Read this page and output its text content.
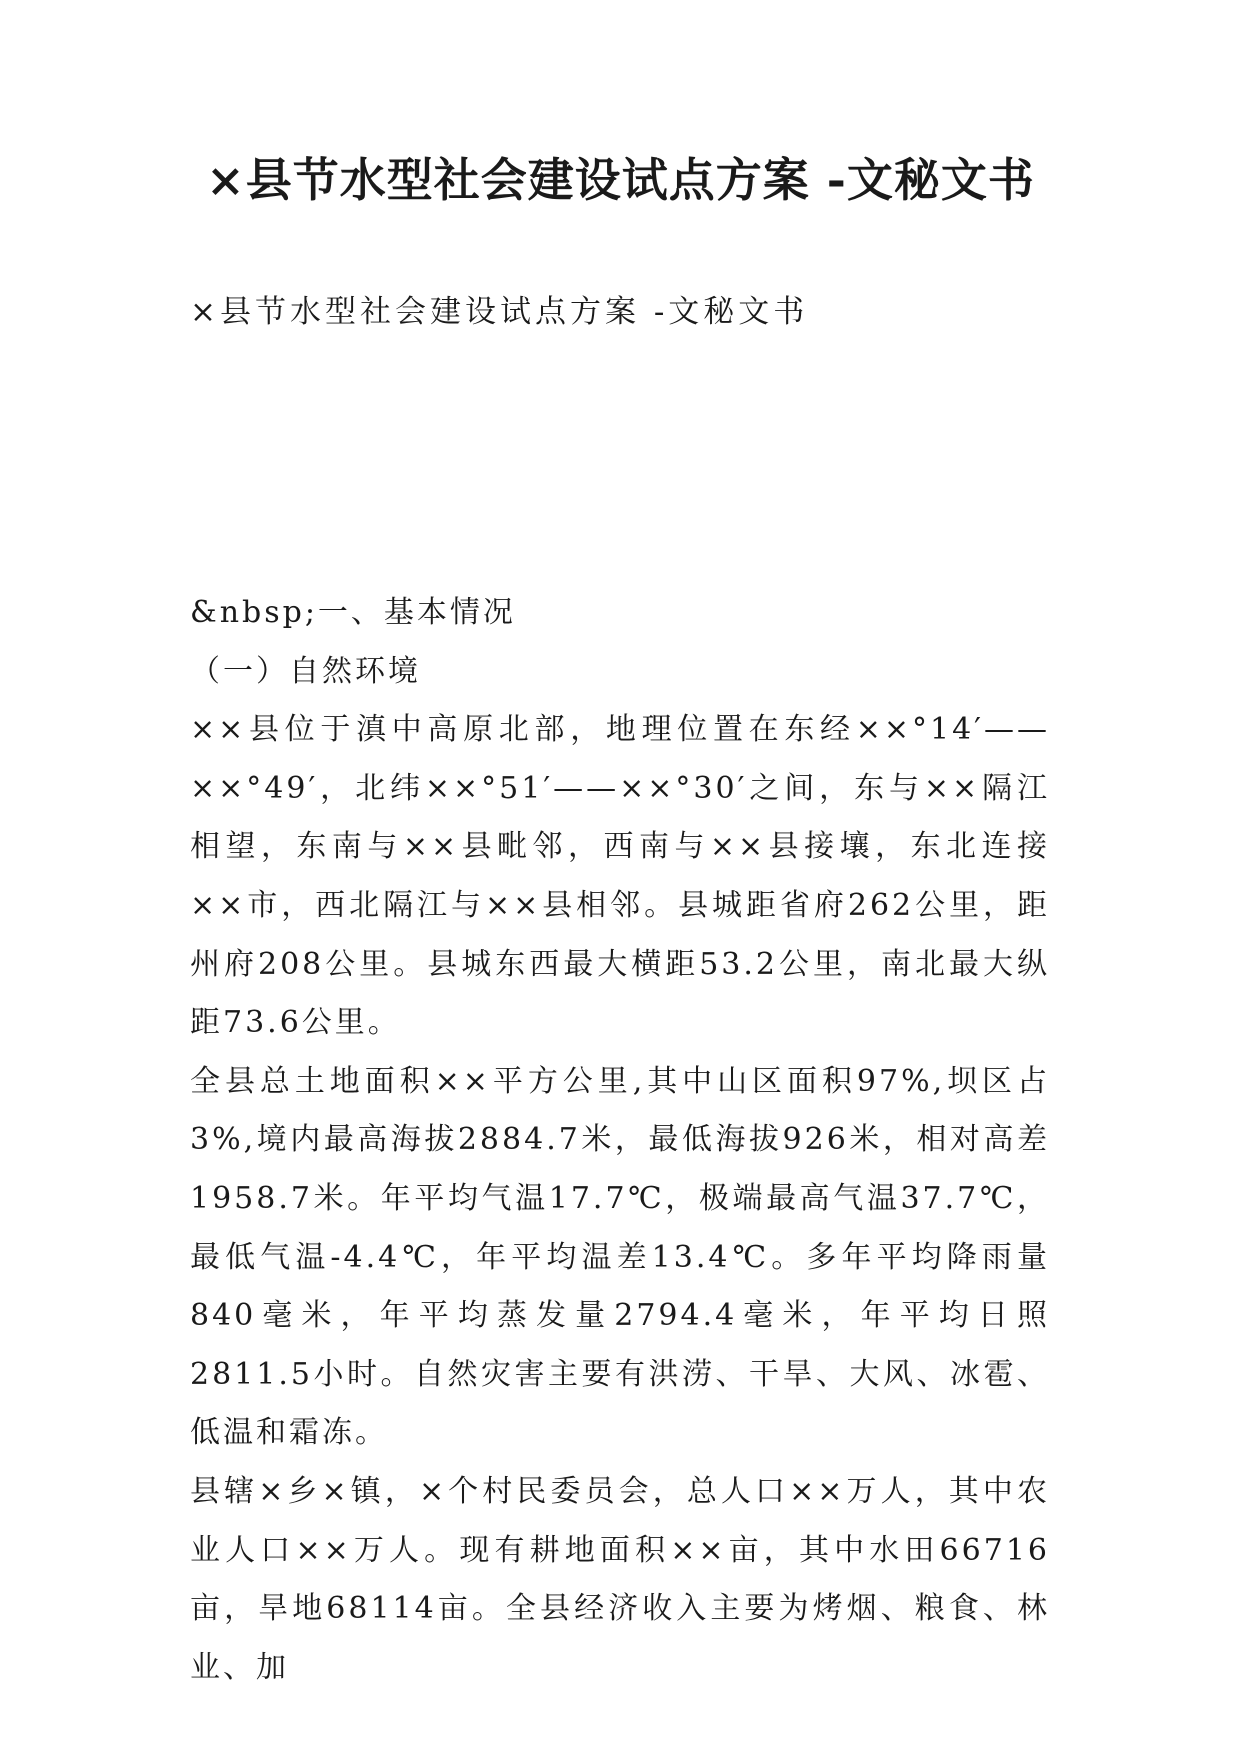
×县节水型社会建设试点方案 -文秘文书

×县节水型社会建设试点方案 -文秘文书

&nbsp;一、基本情况

（一）自然环境

××县位于滇中高原北部，地理位置在东经××°14′——××°49′，北纬××°51′——××°30′之间，东与××隔江相望，东南与××县毗邻，西南与××县接壤，东北连接××市，西北隔江与××县相邻。县城距省府262公里，距州府208公里。县城东西最大横距53.2公里，南北最大纵距73.6公里。

全县总土地面积××平方公里,其中山区面积97%,坝区占3%,境内最高海拔2884.7米，最低海拔926米，相对高差1958.7米。年平均气温17.7℃，极端最高气温37.7℃，最低气温-4.4℃，年平均温差13.4℃。多年平均降雨量840毫米，年平均蒸发量2794.4毫米，年平均日照2811.5小时。自然灾害主要有洪涝、干旱、大风、冰雹、低温和霜冻。

县辖×乡×镇，×个村民委员会，总人口××万人，其中农业人口××万人。现有耕地面积××亩，其中水田66716亩，旱地68114亩。全县经济收入主要为烤烟、粮食、林业、加
